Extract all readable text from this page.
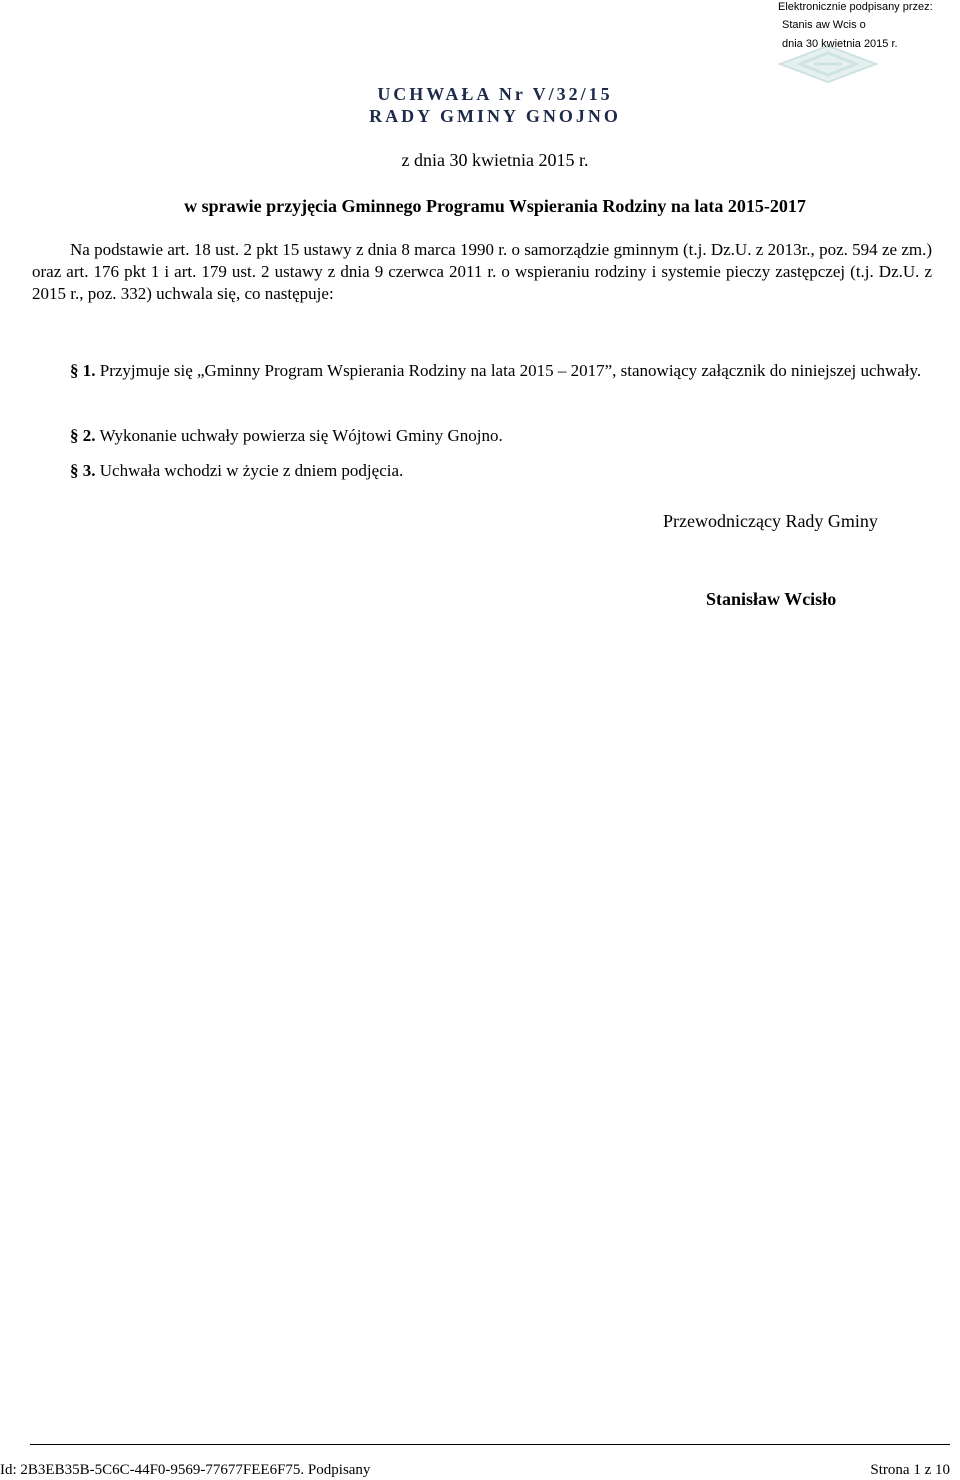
Elektronicznie podpisany przez:
Stanis aw Wcis o
dnia 30 kwietnia 2015 r.
UCHWAŁA Nr V/32/15
RADY GMINY GNOJNO
z dnia 30 kwietnia 2015 r.
w sprawie przyjęcia Gminnego Programu Wspierania Rodziny na lata 2015-2017
Na podstawie art. 18 ust. 2 pkt 15 ustawy z dnia 8 marca 1990 r. o samorządzie gminnym (t.j. Dz.U. z 2013r., poz. 594 ze zm.) oraz art. 176 pkt 1 i art. 179 ust. 2 ustawy z dnia 9 czerwca 2011 r. o wspieraniu rodziny i systemie pieczy zastępczej (t.j. Dz.U. z 2015 r., poz. 332) uchwala się, co następuje:
§ 1. Przyjmuje się „Gminny Program Wspierania Rodziny na lata 2015 – 2017”, stanowiący załącznik do niniejszej uchwały.
§ 2. Wykonanie uchwały powierza się Wójtowi Gminy Gnojno.
§ 3. Uchwała wchodzi w życie z dniem podjęcia.
Przewodniczący Rady Gminy
Stanisław Wcisło
Id: 2B3EB35B-5C6C-44F0-9569-77677FEE6F75. Podpisany	Strona 1 z 10
